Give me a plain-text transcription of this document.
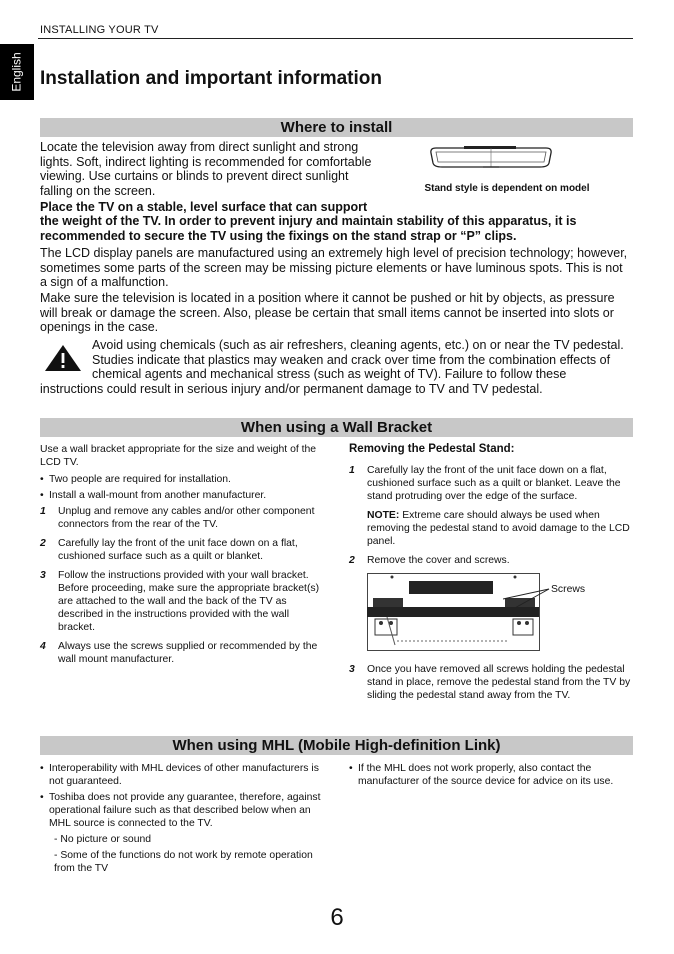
INSTALLING YOUR TV
English Installation and important information
Where to install

Locate the television away from direct sunlight and strong lights. Soft, indirect lighting is recommended for comfortable viewing. Use curtains or blinds to prevent direct sunlight falling on the screen.	Stand style is dependent on model

Place the TV on a stable, level surface that can support

the weight of the TV. In order to prevent injury and maintain stability of this apparatus, it is recommended to secure the TV using the fixings on the stand strap or “P” clips.

The LCD display panels are manufactured using an extremely high level of precision technology; however, sometimes some parts of the screen may be missing picture elements or have luminous spots. This is not a sign of a malfunction.

Make sure the television is located in a position where it cannot be pushed or hit by objects, as pressure will break or damage the screen. Also, please be certain that small items cannot be inserted into slots or openings in the case.

Avoid using chemicals (such as air refreshers, cleaning agents, etc.) on or near the TV pedestal. Studies indicate that plastics may weaken and crack over time from the combination effects of chemical agents and mechanical stress (such as weight of TV). Failure to follow these instructions could result in serious injury and/or permanent damage to TV and TV pedestal.
When using a Wall Bracket

Use a wall bracket appropriate for the size and weight of the LCD TV.

• Two people are required for installation.
• Install a wall-mount from another manufacturer.
1	Unplug and remove any cables and/or other component connectors from the rear of the TV.
2	Carefully lay the front of the unit face down on a flat, cushioned surface such as a quilt or blanket.
3	Follow the instructions provided with your wall bracket. Before proceeding, make sure the appropriate bracket(s) are attached to the wall and the back of the TV as described in the instructions provided with the wall bracket.
4	Always use the screws supplied or recommended by the wall mount manufacturer.

Removing the Pedestal Stand:

1	Carefully lay the front of the unit face down on a flat, cushioned surface such as a quilt or blanket. Leave the stand protruding over the edge of the surface.
NOTE: Extreme care should always be used when removing the pedestal stand to avoid damage to the LCD panel.
2	Remove the cover and screws.
Screws
3	Once you have removed all screws holding the pedestal stand in place, remove the pedestal stand from the TV by sliding the pedestal stand away from the TV.
When using MHL (Mobile High-definition Link)
• Interoperability with MHL devices of other manufacturers is not guaranteed.
• Toshiba does not provide any guarantee, therefore, against operational failure such as that described below when an MHL source is connected to the TV.
- No picture or sound
- Some of the functions do not work by remote operation from the TV
• If the MHL does not work properly, also contact the manufacturer of the source device for advice on its use.
6
